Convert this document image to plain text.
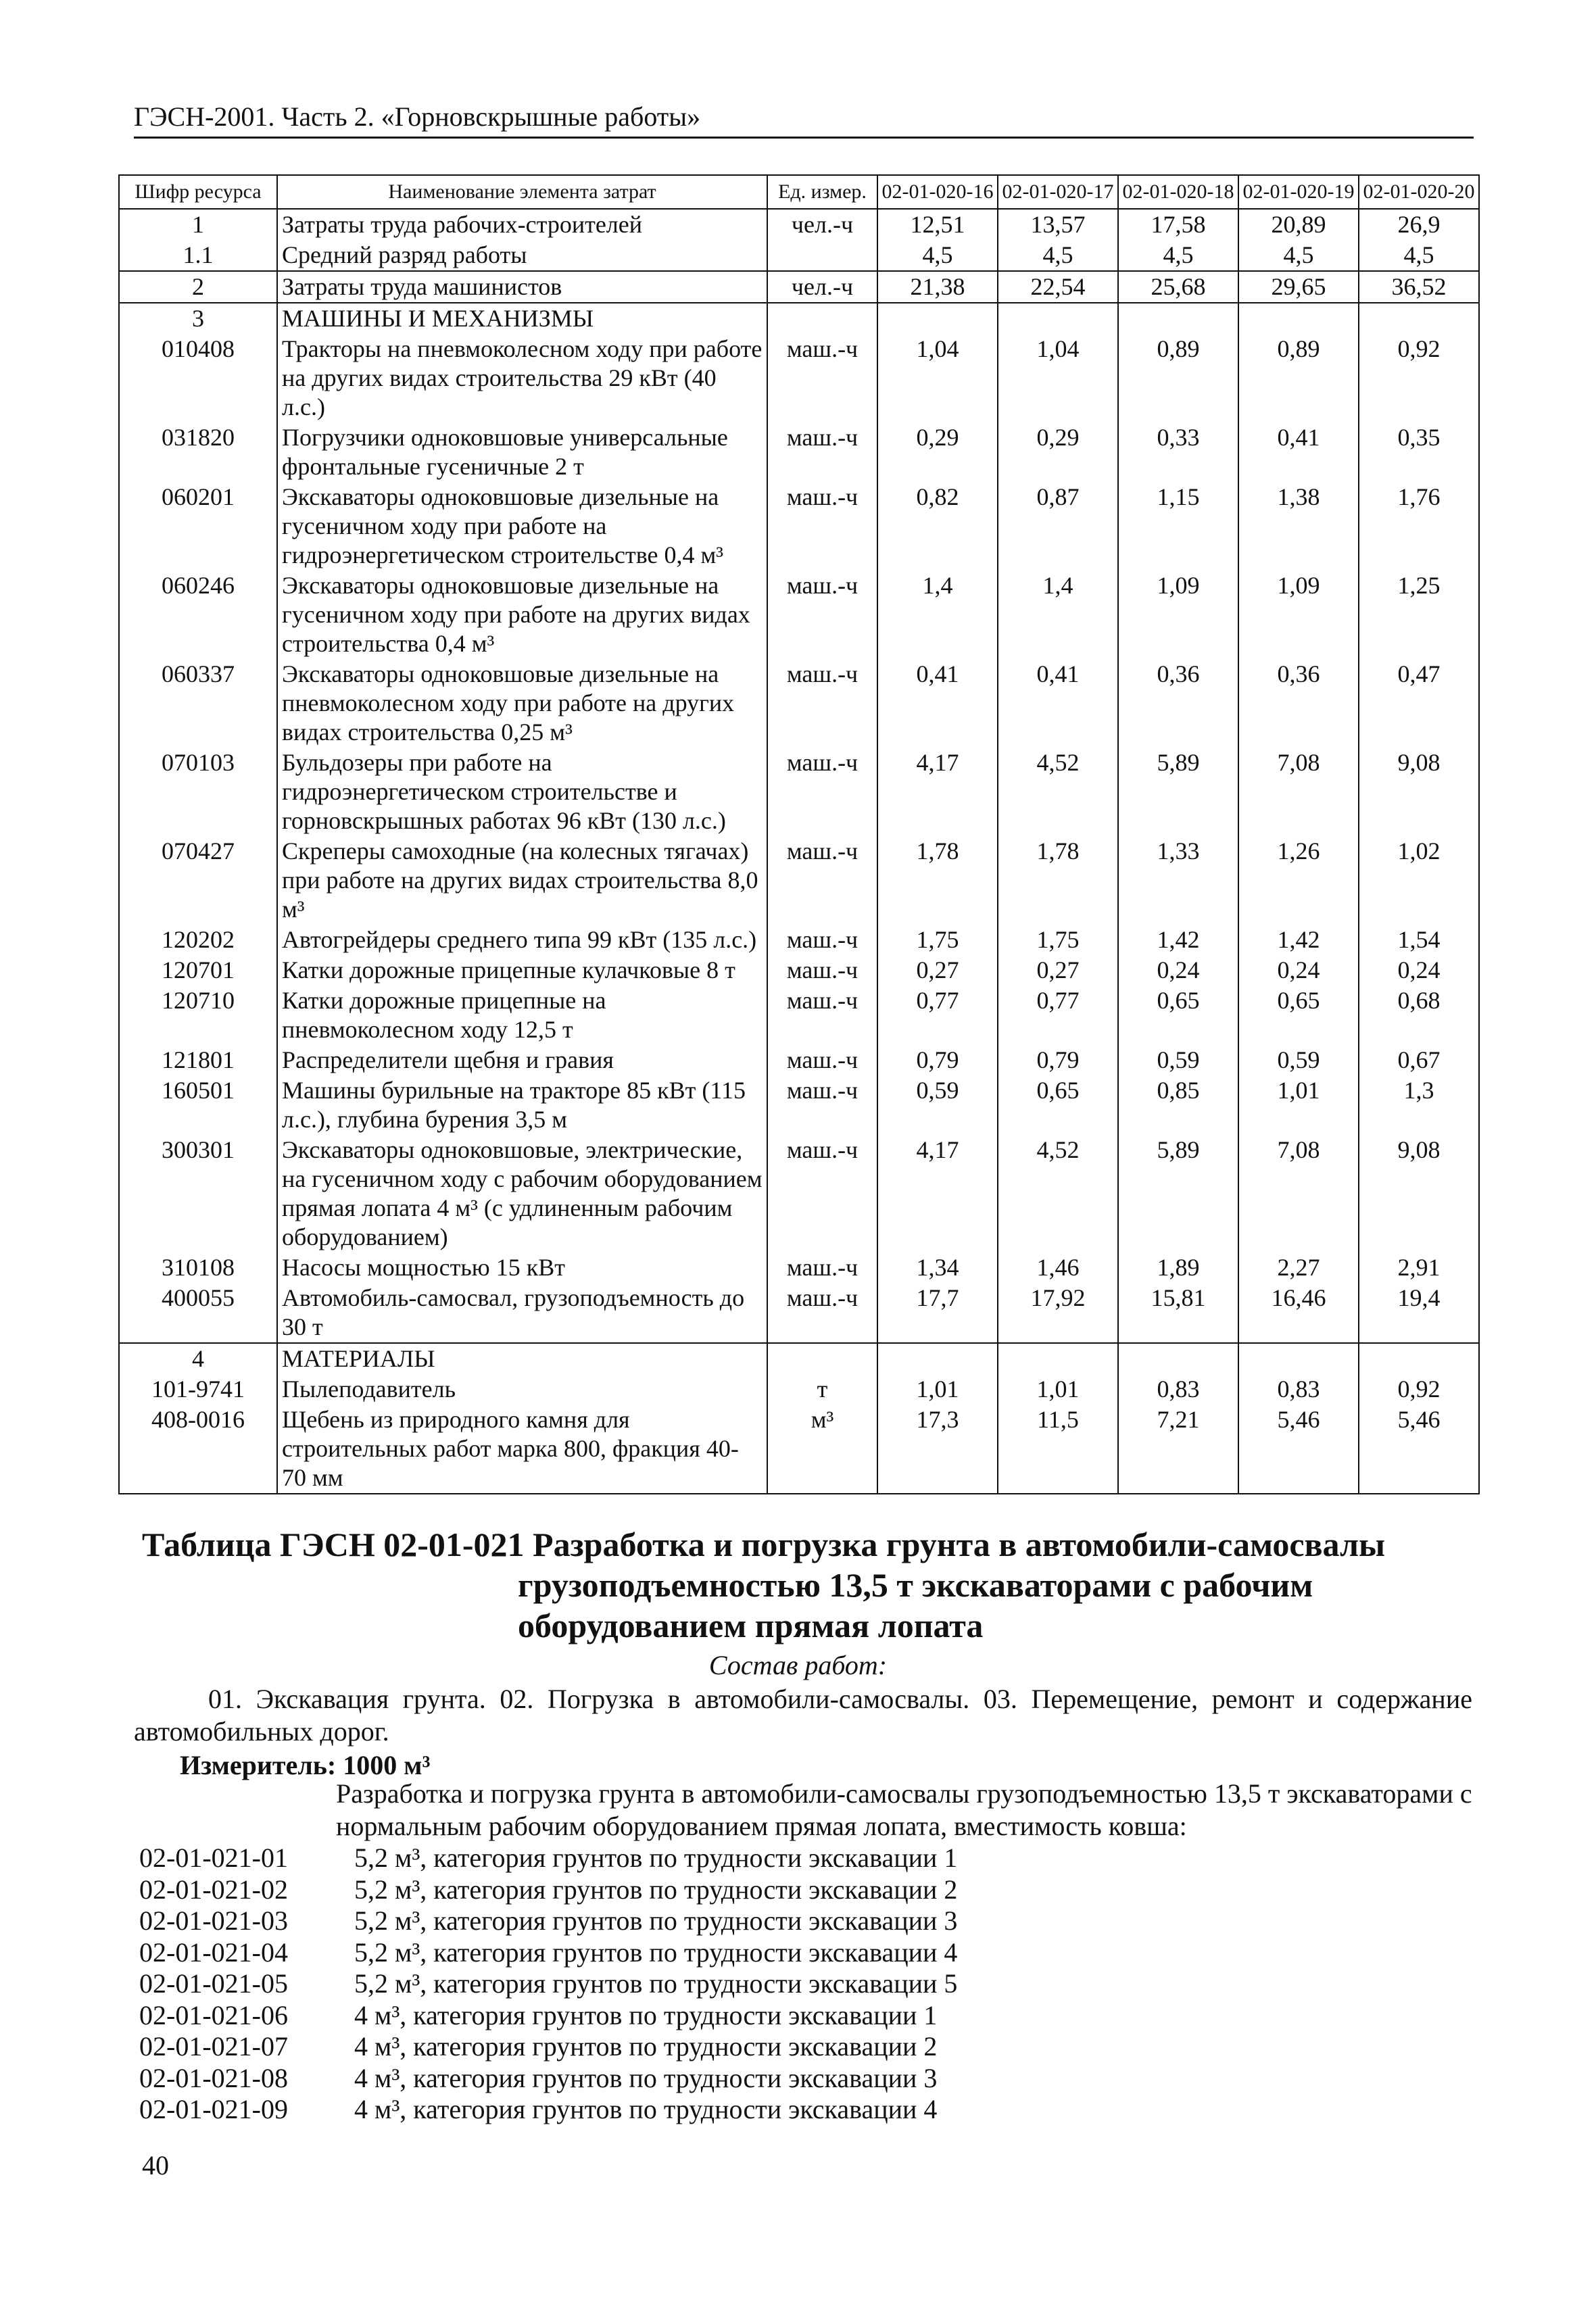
ГЭСН-2001. Часть 2. «Горновскрышные работы»
Шифр ресурса	Наименование элемента затрат	Ед. измер.	02-01-020-16	02-01-020-17	02-01-020-18	02-01-020-19	02-01-020-20
1	Затраты труда рабочих-строителей	чел.-ч	12,51	13,57	17,58	20,89	26,9
1.1	Средний разряд работы		4,5	4,5	4,5	4,5	4,5
2	Затраты труда машинистов	чел.-ч	21,38	22,54	25,68	29,65	36,52
3	МАШИНЫ И МЕХАНИЗМЫ						
010408	Тракторы на пневмоколесном ходу при работе на других видах строительства 29 кВт (40 л.с.)	маш.-ч	1,04	1,04	0,89	0,89	0,92
031820	Погрузчики одноковшовые универсальные фронтальные гусеничные 2 т	маш.-ч	0,29	0,29	0,33	0,41	0,35
060201	Экскаваторы одноковшовые дизельные на гусеничном ходу при работе на гидроэнергетическом строительстве 0,4 м³	маш.-ч	0,82	0,87	1,15	1,38	1,76
060246	Экскаваторы одноковшовые дизельные на гусеничном ходу при работе на других видах строительства 0,4 м³	маш.-ч	1,4	1,4	1,09	1,09	1,25
060337	Экскаваторы одноковшовые дизельные на пневмоколесном ходу при работе на других видах строительства 0,25 м³	маш.-ч	0,41	0,41	0,36	0,36	0,47
070103	Бульдозеры при работе на гидроэнергетическом строительстве и горновскрышных работах 96 кВт (130 л.с.)	маш.-ч	4,17	4,52	5,89	7,08	9,08
070427	Скреперы самоходные (на колесных тягачах) при работе на других видах строительства 8,0 м³	маш.-ч	1,78	1,78	1,33	1,26	1,02
120202	Автогрейдеры среднего типа 99 кВт (135 л.с.)	маш.-ч	1,75	1,75	1,42	1,42	1,54
120701	Катки дорожные прицепные кулачковые 8 т	маш.-ч	0,27	0,27	0,24	0,24	0,24
120710	Катки дорожные прицепные на пневмоколесном ходу 12,5 т	маш.-ч	0,77	0,77	0,65	0,65	0,68
121801	Распределители щебня и гравия	маш.-ч	0,79	0,79	0,59	0,59	0,67
160501	Машины бурильные на тракторе 85 кВт (115 л.с.), глубина бурения 3,5 м	маш.-ч	0,59	0,65	0,85	1,01	1,3
300301	Экскаваторы одноковшовые, электрические, на гусеничном ходу с рабочим оборудованием прямая лопата 4 м³ (с удлиненным рабочим оборудованием)	маш.-ч	4,17	4,52	5,89	7,08	9,08
310108	Насосы мощностью 15 кВт	маш.-ч	1,34	1,46	1,89	2,27	2,91
400055	Автомобиль-самосвал, грузоподъемность до 30 т	маш.-ч	17,7	17,92	15,81	16,46	19,4
4	МАТЕРИАЛЫ						
101-9741	Пылеподавитель	т	1,01	1,01	0,83	0,83	0,92
408-0016	Щебень из природного камня для строительных работ марка 800, фракция 40-70 мм	м³	17,3	11,5	7,21	5,46	5,46
Таблица ГЭСН 02-01-021 Разработка и погрузка грунта в автомобили-самосвалы
грузоподъемностью 13,5 т экскаваторами с рабочим
оборудованием прямая лопата
Состав работ:
01. Экскавация грунта. 02. Погрузка в автомобили-самосвалы. 03. Перемещение, ремонт и содержание автомобильных дорог.
Измеритель: 1000 м³
Разработка и погрузка грунта в автомобили-самосвалы грузоподъемностью 13,5 т экскаваторами с нормальным рабочим оборудованием прямая лопата, вместимость ковша:
02-01-021-01 5,2 м³, категория грунтов по трудности экскавации 1
02-01-021-02 5,2 м³, категория грунтов по трудности экскавации 2
02-01-021-03 5,2 м³, категория грунтов по трудности экскавации 3
02-01-021-04 5,2 м³, категория грунтов по трудности экскавации 4
02-01-021-05 5,2 м³, категория грунтов по трудности экскавации 5
02-01-021-06 4 м³, категория грунтов по трудности экскавации 1
02-01-021-07 4 м³, категория грунтов по трудности экскавации 2
02-01-021-08 4 м³, категория грунтов по трудности экскавации 3
02-01-021-09 4 м³, категория грунтов по трудности экскавации 4
40
